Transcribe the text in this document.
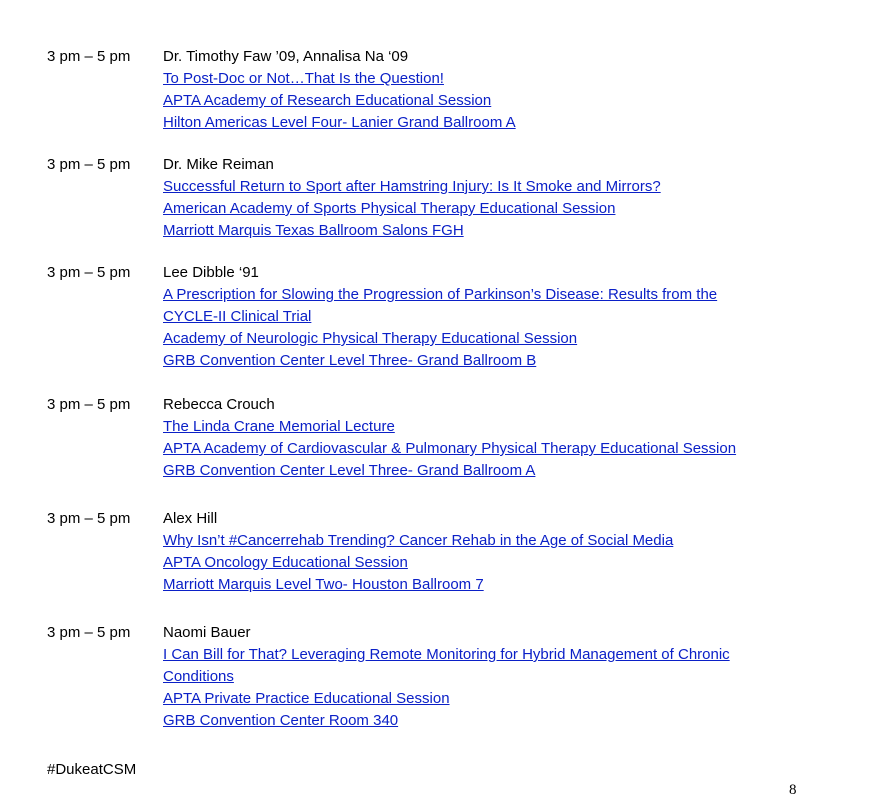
3 pm – 5 pm	Dr. Timothy Faw ’09, Annalisa Na ‘09
To Post-Doc or Not…That Is the Question!
APTA Academy of Research Educational Session
Hilton Americas Level Four- Lanier Grand Ballroom A
3 pm – 5 pm	Dr. Mike Reiman
Successful Return to Sport after Hamstring Injury: Is It Smoke and Mirrors?
American Academy of Sports Physical Therapy Educational Session
Marriott Marquis Texas Ballroom Salons FGH
3 pm – 5 pm	Lee Dibble ‘91
A Prescription for Slowing the Progression of Parkinson’s Disease: Results from the
CYCLE-II Clinical Trial
Academy of Neurologic Physical Therapy Educational Session
GRB Convention Center Level Three- Grand Ballroom B
3 pm – 5 pm	Rebecca Crouch
The Linda Crane Memorial Lecture
APTA Academy of Cardiovascular & Pulmonary Physical Therapy Educational Session
GRB Convention Center Level Three- Grand Ballroom A
3 pm – 5 pm	Alex Hill
Why Isn’t #Cancerrehab Trending? Cancer Rehab in the Age of Social Media
APTA Oncology Educational Session
Marriott Marquis Level Two- Houston Ballroom 7
3 pm – 5 pm	Naomi Bauer
I Can Bill for That? Leveraging Remote Monitoring for Hybrid Management of Chronic
Conditions
APTA Private Practice Educational Session
GRB Convention Center Room 340
#DukeatCSM
8
